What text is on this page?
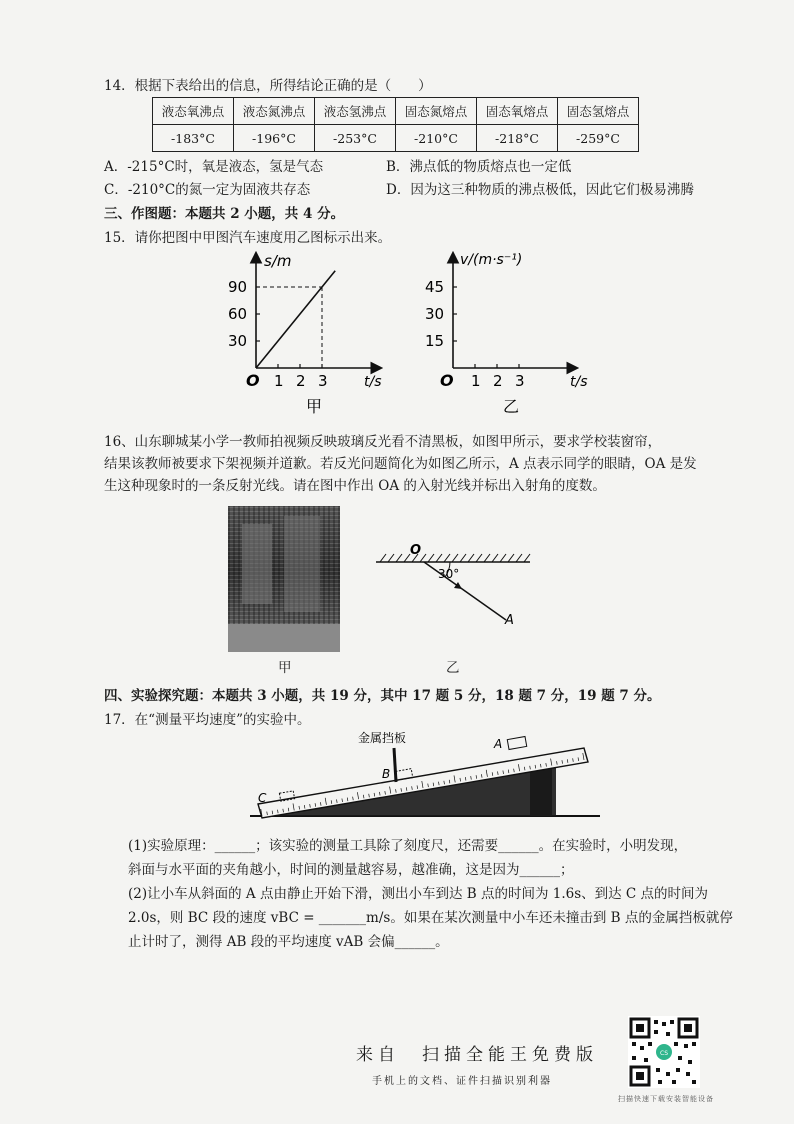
14．根据下表给出的信息，所得结论正确的是（　　）
液态氧沸点	液态氮沸点	液态氢沸点	固态氮熔点	固态氧熔点	固态氢熔点
-183°C	-196°C	-253°C	-210°C	-218°C	-259°C
A．-215°C时，氧是液态，氢是气态	B．沸点低的物质熔点也一定低
C．-210°C的氮一定为固液共存态	D．因为这三种物质的沸点极低，因此它们极易沸腾
三、作图题：本题共 2 小题，共 4 分。
15．请你把图中甲图汽车速度用乙图标示出来。
s/m
t/s
O 1 2 3
30
60
90
甲
v/(m·s⁻¹)
t/s
O 1 2 3
15
30
45
乙
16、山东聊城某小学一教师拍视频反映玻璃反光看不清黑板，如图甲所示，要求学校装窗帘，
结果该教师被要求下架视频并道歉。若反光问题简化为如图乙所示，A 点表示同学的眼睛，OA 是发
生这种现象时的一条反射光线。请在图中作出 OA 的入射光线并标出入射角的度数。
甲
O
30°
A
乙
四、实验探究题：本题共 3 小题，共 19 分，其中 17 题 5 分，18 题 7 分，19 题 7 分。
17．在“测量平均速度”的实验中。
金属挡板	A
B
C
(1)实验原理：______；该实验的测量工具除了刻度尺，还需要______。在实验时，小明发现，
斜面与水平面的夹角越小，时间的测量越容易，越准确，这是因为______；
(2)让小车从斜面的 A 点由静止开始下滑，测出小车到达 B 点的时间为 1.6s、到达 C 点的时间为
2.0s，则 BC 段的速度 vBC = _______m/s。如果在某次测量中小车还未撞击到 B 点的金属挡板就停
止计时了，测得 AB 段的平均速度 vAB 会偏______。
来自　扫描全能王免费版
手机上的文档、证件扫描识别利器
CS
扫描快速下载安装智能设备
